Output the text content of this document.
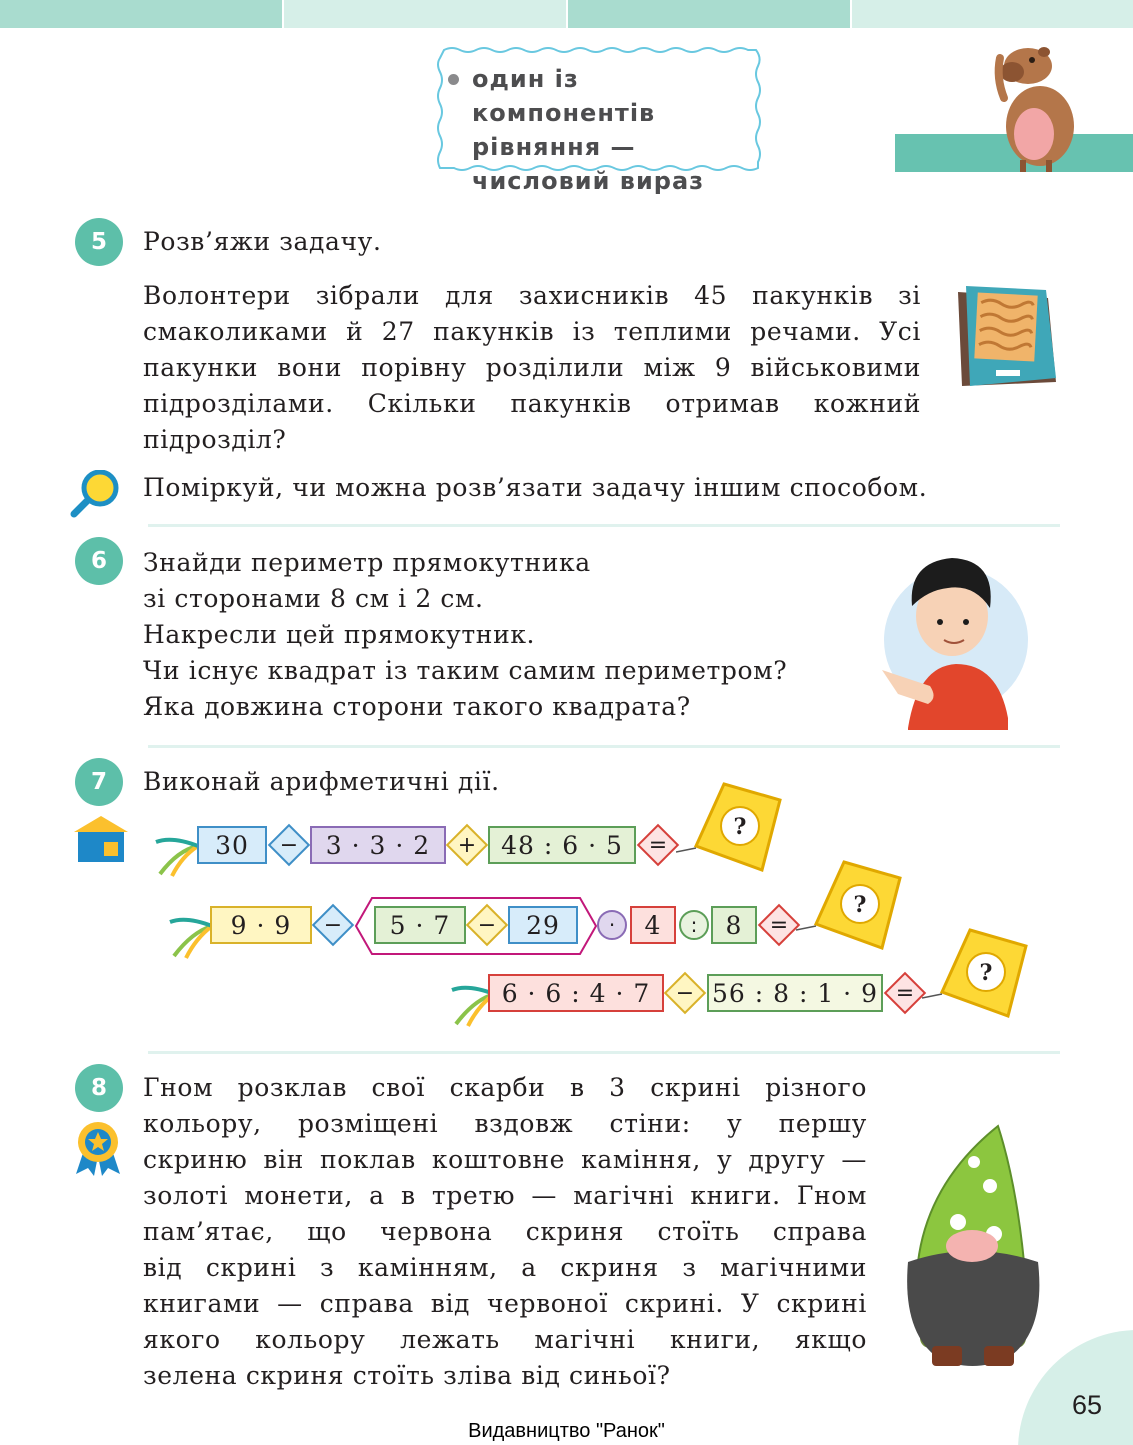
один із компонентів
рівняння —
числовий вираз
5	Розв’яжи задачу.
Волонтери зібрали для захисників 45 пакунків зі
смаколиками й 27 пакунків із теплими речами. Усі
пакунки вони порівну розділили між 9 військовими
підрозділами. Скільки пакунків отримав кожний
підрозділ?
Поміркуй, чи можна розв’язати задачу іншим способом.
6	Знайди периметр прямокутника
зі сторонами 8 см і 2 см.
Накресли цей прямокутник.
Чи існує квадрат із таким самим периметром?
Яка довжина сторони такого квадрата?
7	Виконай арифметичні дії.
30	−	3 · 3 · 2	+ 48 : 6 · 5	=
?
9 · 9	−	5 · 7	−	29	·	4	:	8	=
?
6 · 6 : 4 · 7	− 56 : 8 : 1 · 9 =
?
8	Гном розклав свої скарби в 3 скрині різного
кольору, розміщені вздовж стіни: у першу
скриню він поклав коштовне каміння, у другу —
золоті монети, а в третю — магічні книги. Гном
пам’ятає, що червона скриня стоїть справа
від скрині з камінням, а скриня з магічними
книгами — справа від червоної скрині. У скрині
якого кольору лежать магічні книги, якщо
зелена скриня стоїть зліва від синьої?
65
Видавництво "Ранок"
